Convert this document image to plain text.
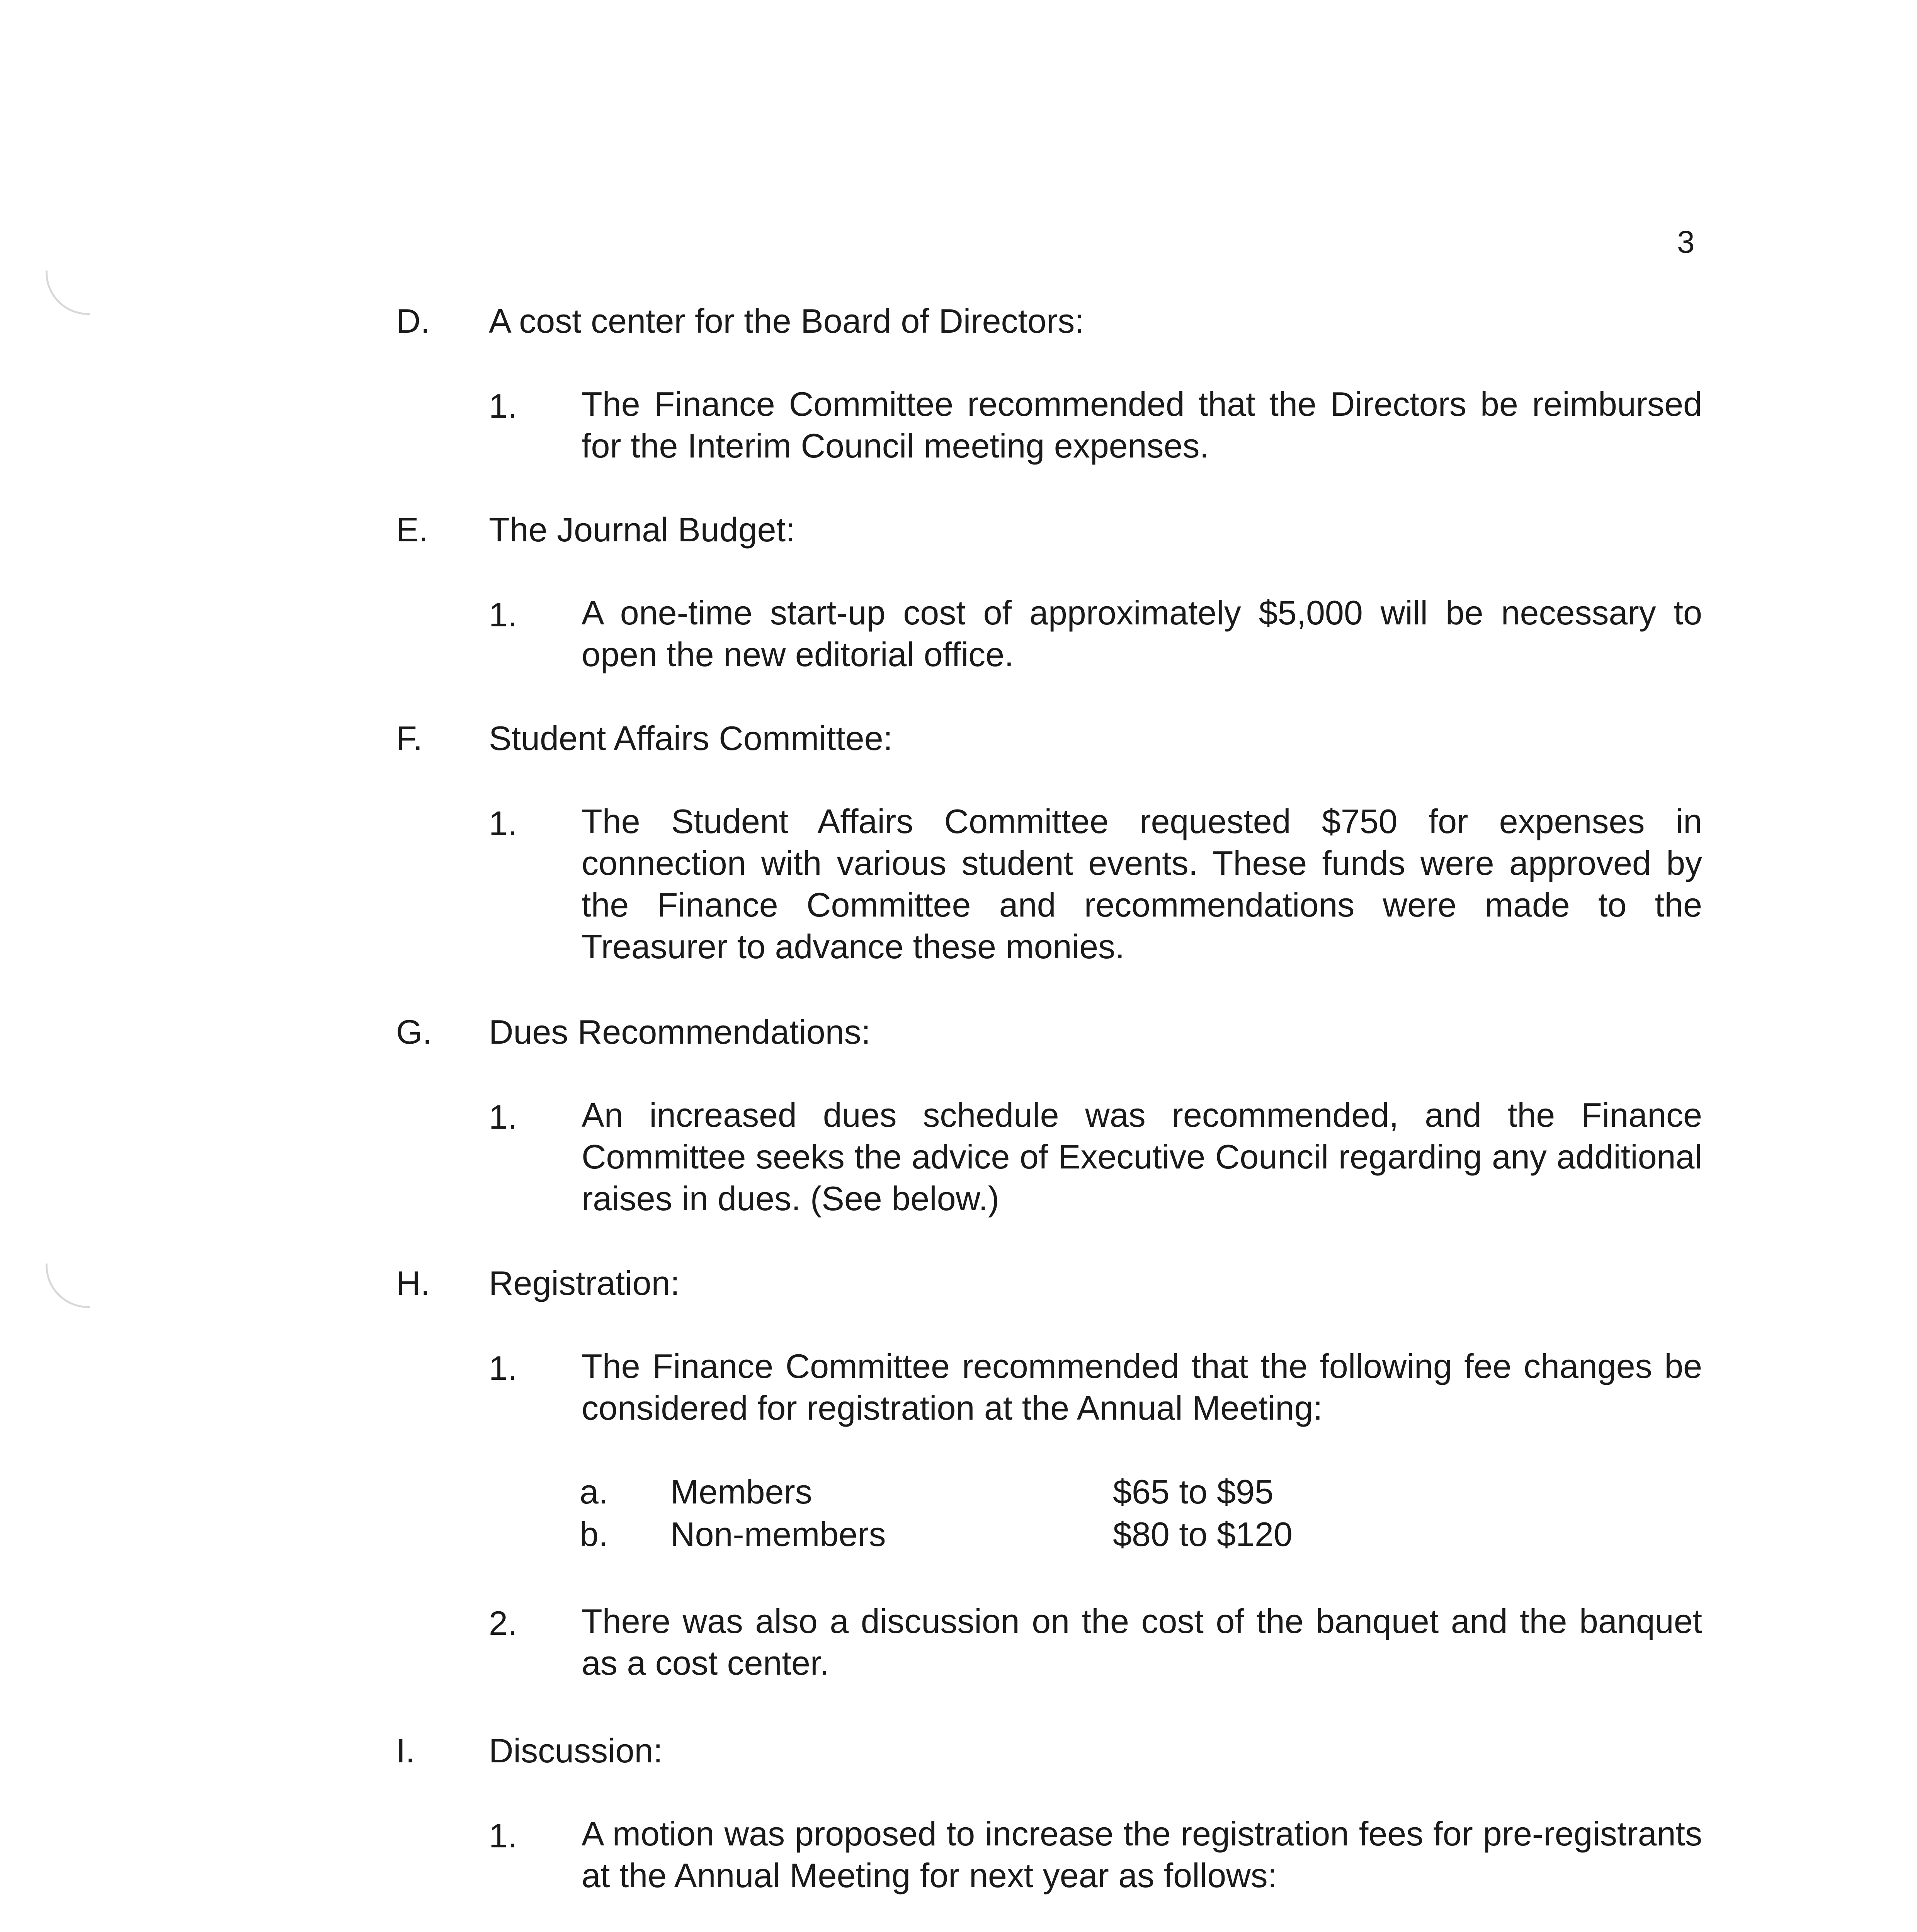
3
D. A cost center for the Board of Directors:
1. The Finance Committee recommended that the Directors be reimbursed for the Interim Council meeting expenses.
E. The Journal Budget:
1. A one-time start-up cost of approximately $5,000 will be necessary to open the new editorial office.
F. Student Affairs Committee:
1. The Student Affairs Committee requested $750 for expenses in connection with various student events. These funds were approved by the Finance Committee and recommendations were made to the Treasurer to advance these monies.
G. Dues Recommendations:
1. An increased dues schedule was recommended, and the Finance Committee seeks the advice of Executive Council regarding any additional raises in dues. (See below.)
H. Registration:
1. The Finance Committee recommended that the following fee changes be considered for registration at the Annual Meeting:
a. Members	$65 to $95
b. Non-members	$80 to $120
2. There was also a discussion on the cost of the banquet and the banquet as a cost center.
I. Discussion:
1. A motion was proposed to increase the registration fees for pre-registrants at the Annual Meeting for next year as follows:
